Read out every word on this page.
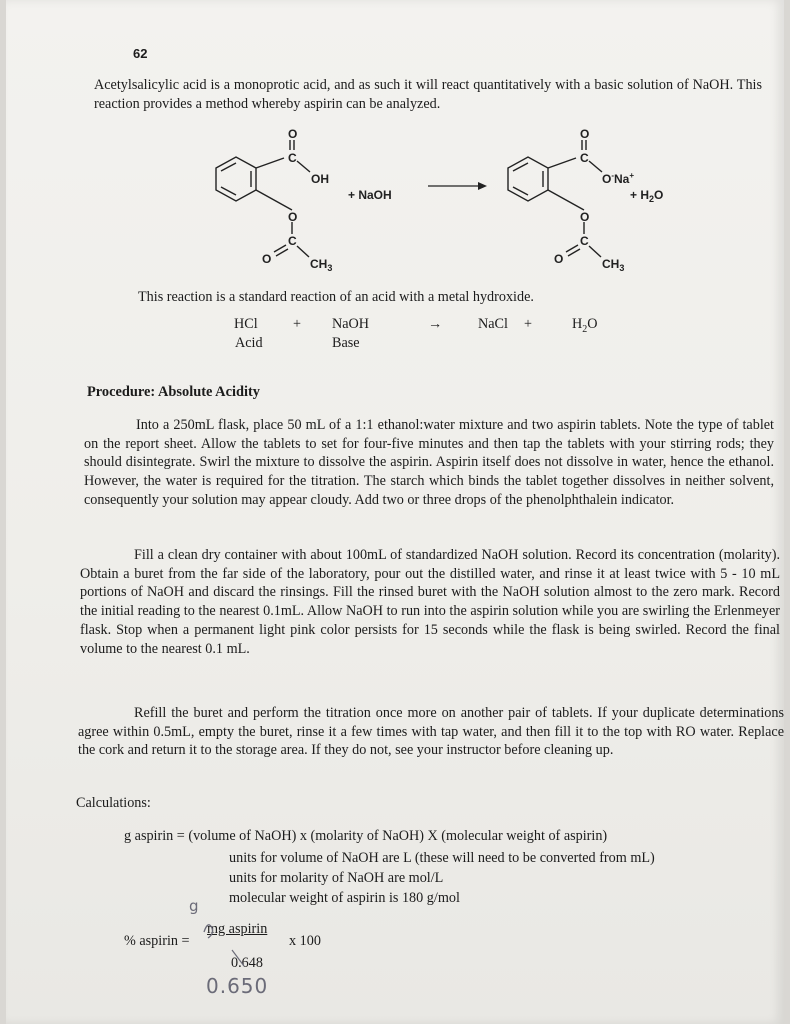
62
Acetylsalicylic acid is a monoprotic acid, and as such it will react quantitatively with a basic solution of NaOH. This reaction provides a method whereby aspirin can be analyzed.
O
C
OH
O
C
O	$CH_3$
+ NaOH
O
C
O-Na+
O
C
O	$CH_3$
+ $H_2O$
This reaction is a standard reaction of an acid with a metal hydroxide.
HCl + NaOH	→	NaCl +	$H_2O$
Acid	Base
Procedure: Absolute Acidity
Into a 250mL flask, place 50 mL of a 1:1 ethanol:water mixture and two aspirin tablets. Note the type of tablet on the report sheet. Allow the tablets to set for four-five minutes and then tap the tablets with your stirring rods; they should disintegrate. Swirl the mixture to dissolve the aspirin. Aspirin itself does not dissolve in water, hence the ethanol. However, the water is required for the titration. The starch which binds the tablet together dissolves in neither solvent, consequently your solution may appear cloudy. Add two or three drops of the phenolphthalein indicator.
Fill a clean dry container with about 100mL of standardized NaOH solution. Record its concentration (molarity). Obtain a buret from the far side of the laboratory, pour out the distilled water, and rinse it at least twice with 5 - 10 mL portions of NaOH and discard the rinsings. Fill the rinsed buret with the NaOH solution almost to the zero mark. Record the initial reading to the nearest 0.1mL. Allow NaOH to run into the aspirin solution while you are swirling the Erlenmeyer flask. Stop when a permanent light pink color persists for 15 seconds while the flask is being swirled. Record the final volume to the nearest 0.1 mL.
Refill the buret and perform the titration once more on another pair of tablets. If your duplicate determinations agree within 0.5mL, empty the buret, rinse it a few times with tap water, and then fill it to the top with RO water. Replace the cork and return it to the storage area. If they do not, see your instructor before cleaning up.
Calculations:
g aspirin = (volume of NaOH) x (molarity of NaOH) X (molecular weight of aspirin)
units for volume of NaOH are L (these will need to be converted from mL)
units for molarity of NaOH are mol/L
molecular weight of aspirin is 180 g/mol
% aspirin =
mg aspirin
0.648
x 100
g
0.650
